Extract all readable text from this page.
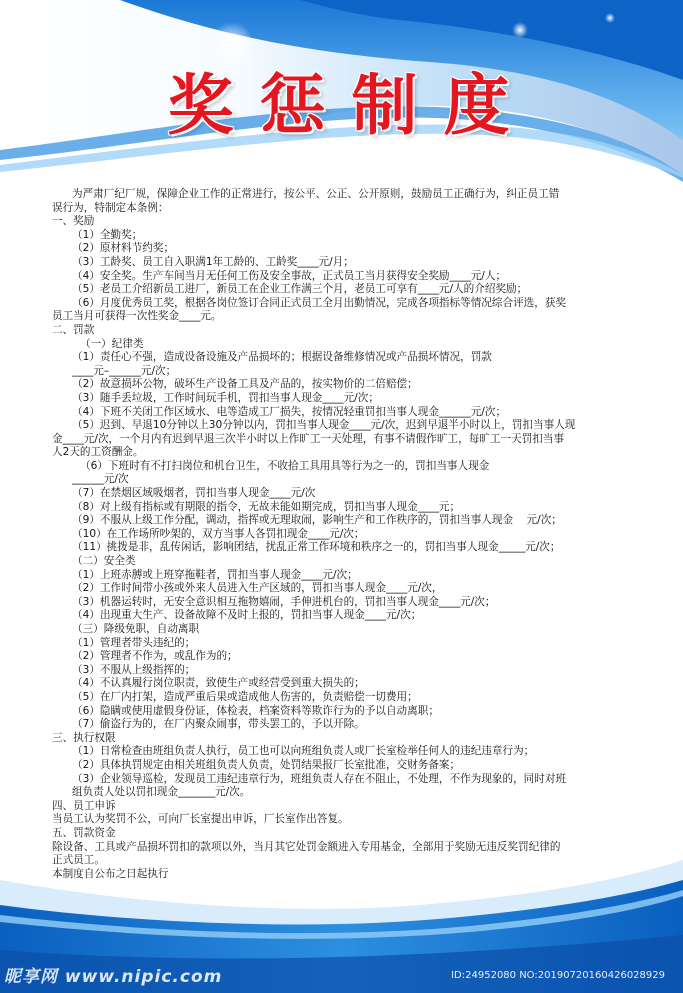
奖惩制度

为严肃厂纪厂规，保障企业工作的正常进行，按公平、公正、公开原则，鼓励员工正确行为，纠正员工错

误行为，特制定本条例：

一、奖励

（1）全勤奖；

（2）原材料节约奖；

（3）工龄奖、员工自入职满1年工龄的、工龄奖____元/月；

（4）安全奖。生产车间当月无任何工伤及安全事故，正式员工当月获得安全奖励____元/人；

（5）老员工介绍新员工进厂，新员工在企业工作满三个月，老员工可享有____元/人的介绍奖励；

（6）月度优秀员工奖，根据各岗位签订合同正式员工全月出勤情况，完成各项指标等情况综合评选，获奖

员工当月可获得一次性奖金____元。

二、罚款

（一）纪律类

（1）责任心不强，造成设备设施及产品损坏的；根据设备维修情况或产品损坏情况，罚款

____元–______元/次；

（2）故意损坏公物，破坏生产设备工具及产品的，按实物价的二倍赔偿；

（3）随手丢垃圾，工作时间玩手机，罚扣当事人现金____元/次；

（4）下班不关闭工作区域水、电等造成工厂损失，按情况轻重罚扣当事人现金______元/次；

（5）迟到、早退10分钟以上30分钟以内，罚扣当事人现金____元/次，迟到早退半小时以上，罚扣当事人现

金____元/次，一个月内有迟到早退三次半小时以上作旷工一天处理，有事不请假作旷工，每旷工一天罚扣当事

人2天的工资酬金。

（6）下班时有不打扫岗位和机台卫生，不收拾工具用具等行为之一的，罚扣当事人现金

______元/次

（7）在禁烟区域吸烟者，罚扣当事人现金____元/次

（8）对上级有指标或有期限的指令，无故未能如期完成，罚扣当事人现金____元；

（9）不服从上级工作分配，调动，指挥或无理取闹，影响生产和工作秩序的，罚扣当事人现金    元/次；

（10）在工作场所吵架的，双方当事人各罚扣现金____元/次；

（11）挑拨是非，乱传闲话，影响团结，扰乱正常工作环境和秩序之一的，罚扣当事人现金_____元/次；

（二）安全类

（1）上班赤膊或上班穿拖鞋者，罚扣当事人现金____元/次；

（2）工作时间带小孩或外来人员进入生产区域的，罚扣当事人现金____元/次，

（3）机器运转时，无安全意识相互拖物嬉闹，手伸进机台的，罚扣当事人现金____元/次；

（4）出现重大生产、设备故障不及时上报的，罚扣当事人现金____元/次；

（三）降级免职，自动离职

（1）管理者带头违纪的；

（2）管理者不作为，或乱作为的；

（3）不服从上级指挥的；

（4）不认真履行岗位职责，致使生产或经营受到重大损失的；

（5）在厂内打架，造成严重后果或造成他人伤害的，负责赔偿一切费用；

（6）隐瞒或使用虚假身份证，体检表，档案资料等欺诈行为的予以自动离职；

（7）偷盗行为的，在厂内聚众闹事，带头罢工的，予以开除。

三、执行权限

（1）日常检查由班组负责人执行，员工也可以向班组负责人或厂长室检举任何人的违纪违章行为；

（2）具体执罚规定由相关班组负责人负责，处罚结果报厂长室批准，交财务备案；

（3）企业领导巡检，发现员工违纪违章行为，班组负责人存在不阻止，不处理，不作为现象的，同时对班

组负责人处以罚扣现金_______元/次。

四、员工申诉

当员工认为奖罚不公，可向厂长室提出申诉，厂长室作出答复。

五、罚款资金

除设备、工具或产品损坏罚扣的款项以外，当月其它处罚金额进入专用基金，全部用于奖励无违反奖罚纪律的

正式员工。

本制度自公布之日起执行

昵享网 www.nipic.com	ID:24952080 NO:20190720160426028929
